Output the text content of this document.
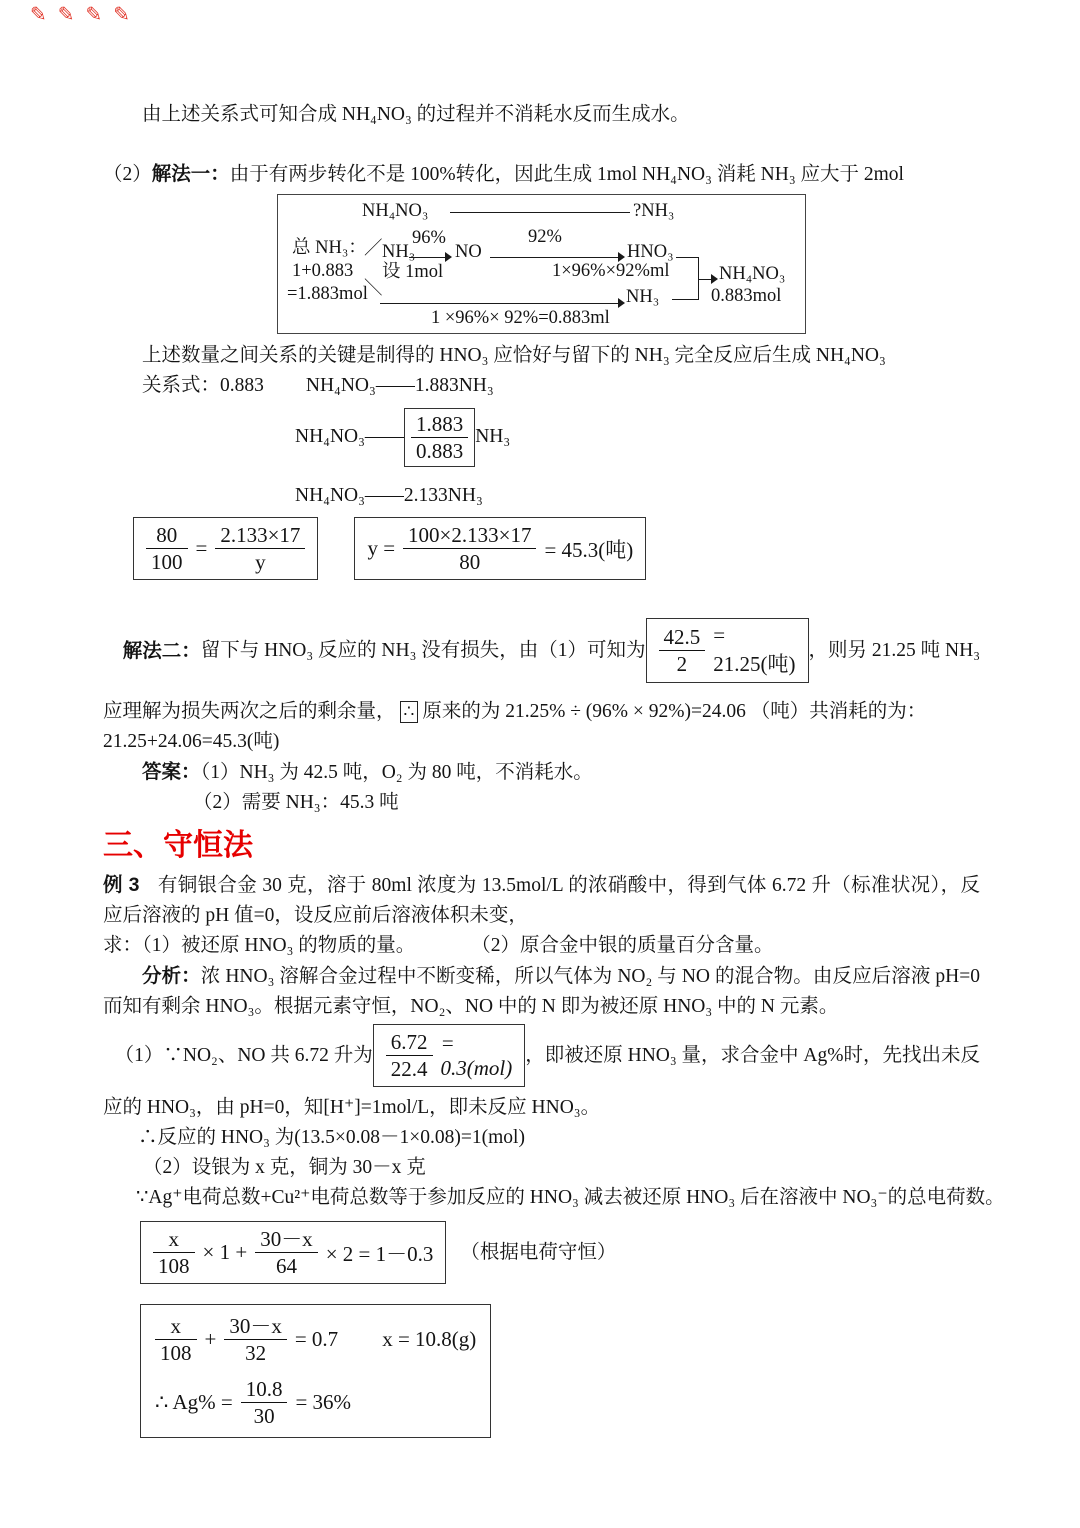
✎ ✎ ✎ ✎

由上述关系式可知合成 NH₄NO₃ 的过程并不消耗水反而生成水。

（2）解法一：由于有两步转化不是 100%转化，因此生成 1mol NH₄NO₃ 消耗 NH₃ 应大于 2mol

NH₄NO₃	?NH₃
总 NH₃：
／ NH₃
96%
NO
92%
HNO₃
1+0.883 设 1mol	1×96%×92%ml
=1.883mol
＼	NH₃
NH₄NO₃
0.883mol
1 ×96%× 92%=0.883ml

上述数量之间关系的关键是制得的 HNO₃ 应恰好与留下的 NH₃ 完全反应后生成 NH₄NO₃

关系式：0.883 NH₄NO₃——1.883NH₃

NH₄NO₃—— $\frac{1.883}{0.883} NH_3$

NH₄NO₃——2.133NH₃

$\frac{80}{100} = \frac{2.133\times 17}{y}$	$y = \frac{100\times 2.133\times 17}{80} = 45.3$(吨)
解法二： 留下与 HNO₃ 反应的 NH₃ 没有损失，由（1）可知为 $\frac{42.5}{2} = 21.25$(吨)
，则另 21.25 吨 NH₃

应理解为损失两次之后的剩余量， ∴ 原来的为 21.25% ÷ (96% × 92%)=24.06 （吨）共消耗的为：

21.25+24.06=45.3(吨)

答案：（1）NH₃ 为 42.5 吨，O₂ 为 80 吨，不消耗水。

（2）需要 NH₃：45.3 吨

三、守恒法

例 3 有铜银合金 30 克，溶于 80ml 浓度为 13.5mol/L 的浓硝酸中，得到气体 6.72 升（标准状况），反应后溶液的 pH 值=0，设反应前后溶液体积未变，

求：（1）被还原 HNO₃ 的物质的量。	（2）原合金中银的质量百分含量。

分析：浓 HNO₃ 溶解合金过程中不断变稀，所以气体为 NO₂ 与 NO 的混合物。由反应后溶液 pH=0 而知有剩余 HNO₃。根据元素守恒，NO₂、NO 中的 N 即为被还原 HNO₃ 中的 N 元素。

（1）∵NO₂、NO 共 6.72 升为 $\frac{6.72}{22.4} = 0.3(mol)$
，即被还原 HNO₃ 量，求合金中 Ag%时，先找出未反

应的 HNO₃，由 pH=0，知[H⁺]=1mol/L，即未反应 HNO₃。

∴反应的 HNO₃ 为(13.5×0.08－1×0.08)=1(mol)

（2）设银为 x 克，铜为 30－x 克

∵Ag⁺电荷总数+Cu²⁺电荷总数等于参加反应的 HNO₃ 减去被还原 HNO₃ 后在溶液中 NO₃⁻的总电荷数。

$\frac{x}{108} \times 1 + \frac{30-x}{64} \times 2 = 1-0.3$ （根据电荷守恒）
$\frac{x}{108} + \frac{30-x}{32} = 0.7$ x = 10.8(g)
∴ $Ag\% = \frac{10.8}{30} = 36\%$
